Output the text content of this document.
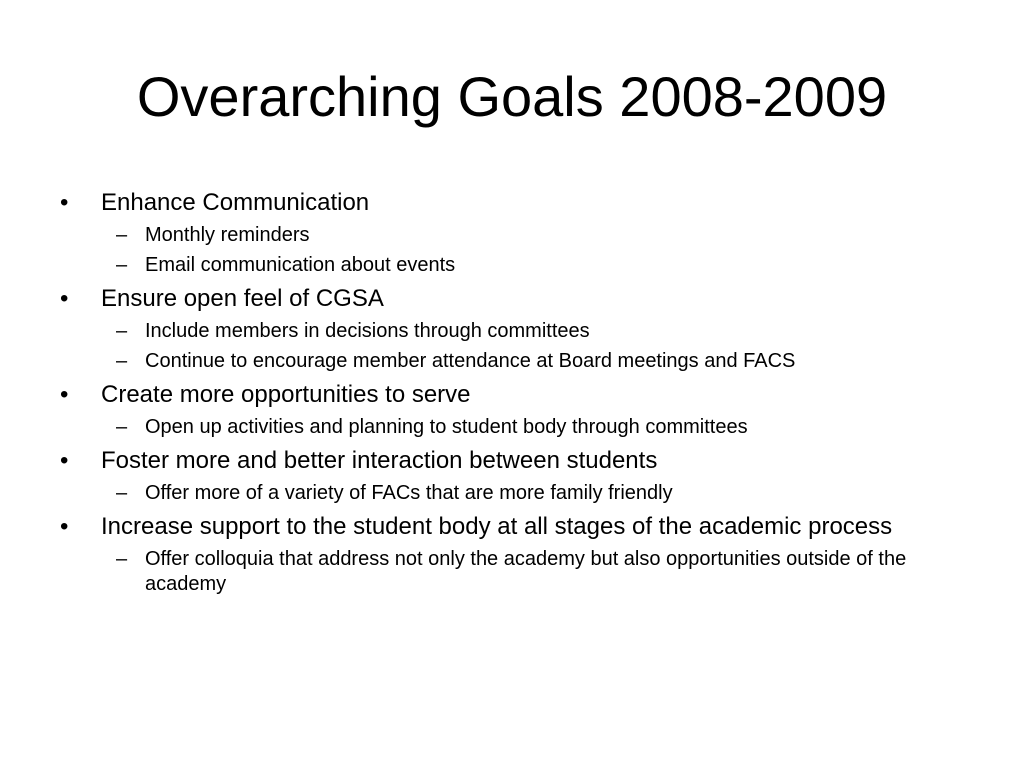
Overarching Goals 2008-2009
•	Enhance Communication
– Monthly reminders
– Email communication about events
•	Ensure open feel of CGSA
– Include members in decisions through committees
– Continue to encourage member attendance at Board meetings and FACS
•	Create more opportunities to serve
– Open up activities and planning to student body through committees
•	Foster more and better interaction between students
– Offer more of a variety of FACs that are more family friendly
•	Increase support to the student body at all stages of the academic process
– Offer colloquia that address not only the academy but also opportunities outside of the academy
